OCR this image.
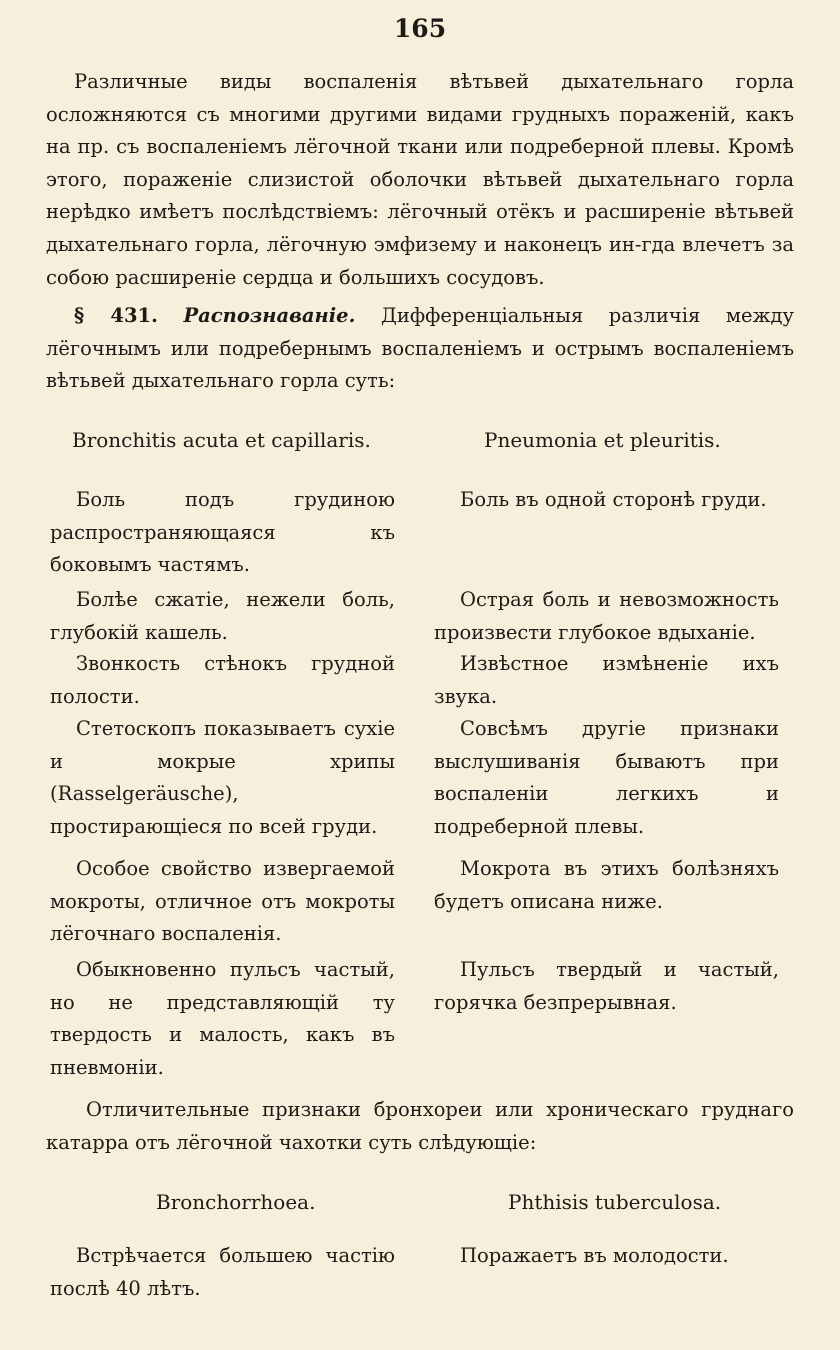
165

Различные виды воспаленія вѣтьвей дыхательнаго горла осложняются съ многими другими видами грудныхъ пораженій, какъ на пр. съ воспаленіемъ лёгочной ткани или подреберной плевы. Кромѣ этого, пораженіе слизистой оболочки вѣтьвей дыхательнаго горла нерѣдко имѣетъ послѣдствіемъ: лёгочный отёкъ и расширеніе вѣтьвей дыхательнаго горла, лёгочную эмфизему и наконецъ ин-гда влечетъ за собою расширеніе сердца и большихъ сосудовъ.

§ 431. Распознаваніе. Дифференціальныя различія между лёгочнымъ или подребернымъ воспаленіемъ и острымъ воспаленіемъ вѣтьвей дыхательнаго горла суть:

Bronchitis acuta et capillaris.	Pneumonia et pleuritis.

Боль подъ грудиною распространяющаяся къ боковымъ частямъ.

Болѣе сжатіе, нежели боль, глубокій кашель.

Звонкость стѣнокъ грудной полости.

Стетоскопъ показываетъ сухіе и мокрые хрипы (Rasselgeräusche), простирающіеся по всей груди.

Особое свойство извергаемой мокроты, отличное отъ мокроты лёгочнаго воспаленія.

Обыкновенно пульсъ частый, но не представляющій ту твердость и малость, какъ въ пневмоніи.

Боль въ одной сторонѣ груди.

Острая боль и невозможность произвести глубокое вдыханіе.

Извѣстное измѣненіе ихъ звука.

Совсѣмъ другіе признаки выслушиванія бываютъ при воспаленіи легкихъ и подреберной плевы.

Мокрота въ этихъ болѣзняхъ будетъ описана ниже.

Пульсъ твердый и частый, горячка безпрерывная.

Отличительные признаки бронхореи или хроническаго груднаго катарра отъ лёгочной чахотки суть слѣдующіе:

Bronchorrhoea.	Phthisis tuberculosa.

Встрѣчается большею частію послѣ 40 лѣтъ.

Поражаетъ въ молодости.
